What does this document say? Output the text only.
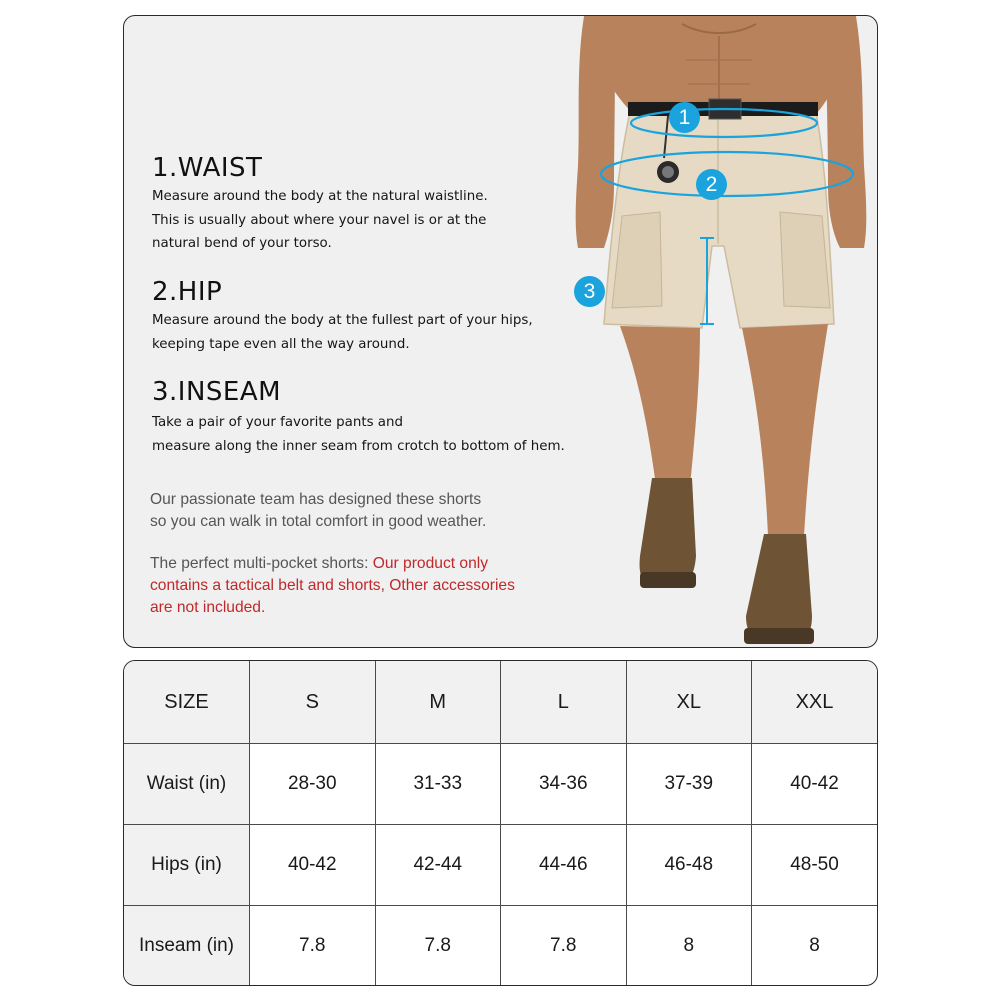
1.WAIST
Measure around the body at the natural waistline.
This is usually about where your navel is or at the
natural bend of your torso.
2.HIP
Measure around the body at the fullest part of your hips,
keeping tape even all the way around.
3.INSEAM
Take a pair of your favorite pants and
measure along the inner seam from crotch to bottom of hem.
Our passionate team has designed these shorts
so you can walk in total comfort in good weather.
The perfect multi-pocket shorts: Our product only
contains a tactical belt and shorts, Other accessories
are not included.
1
2
3
SIZE	S	M	L	XL	XXL
Waist (in)	28-30	31-33	34-36	37-39	40-42
Hips (in)	40-42	42-44	44-46	46-48	48-50
Inseam (in)	7.8	7.8	7.8	8	8
